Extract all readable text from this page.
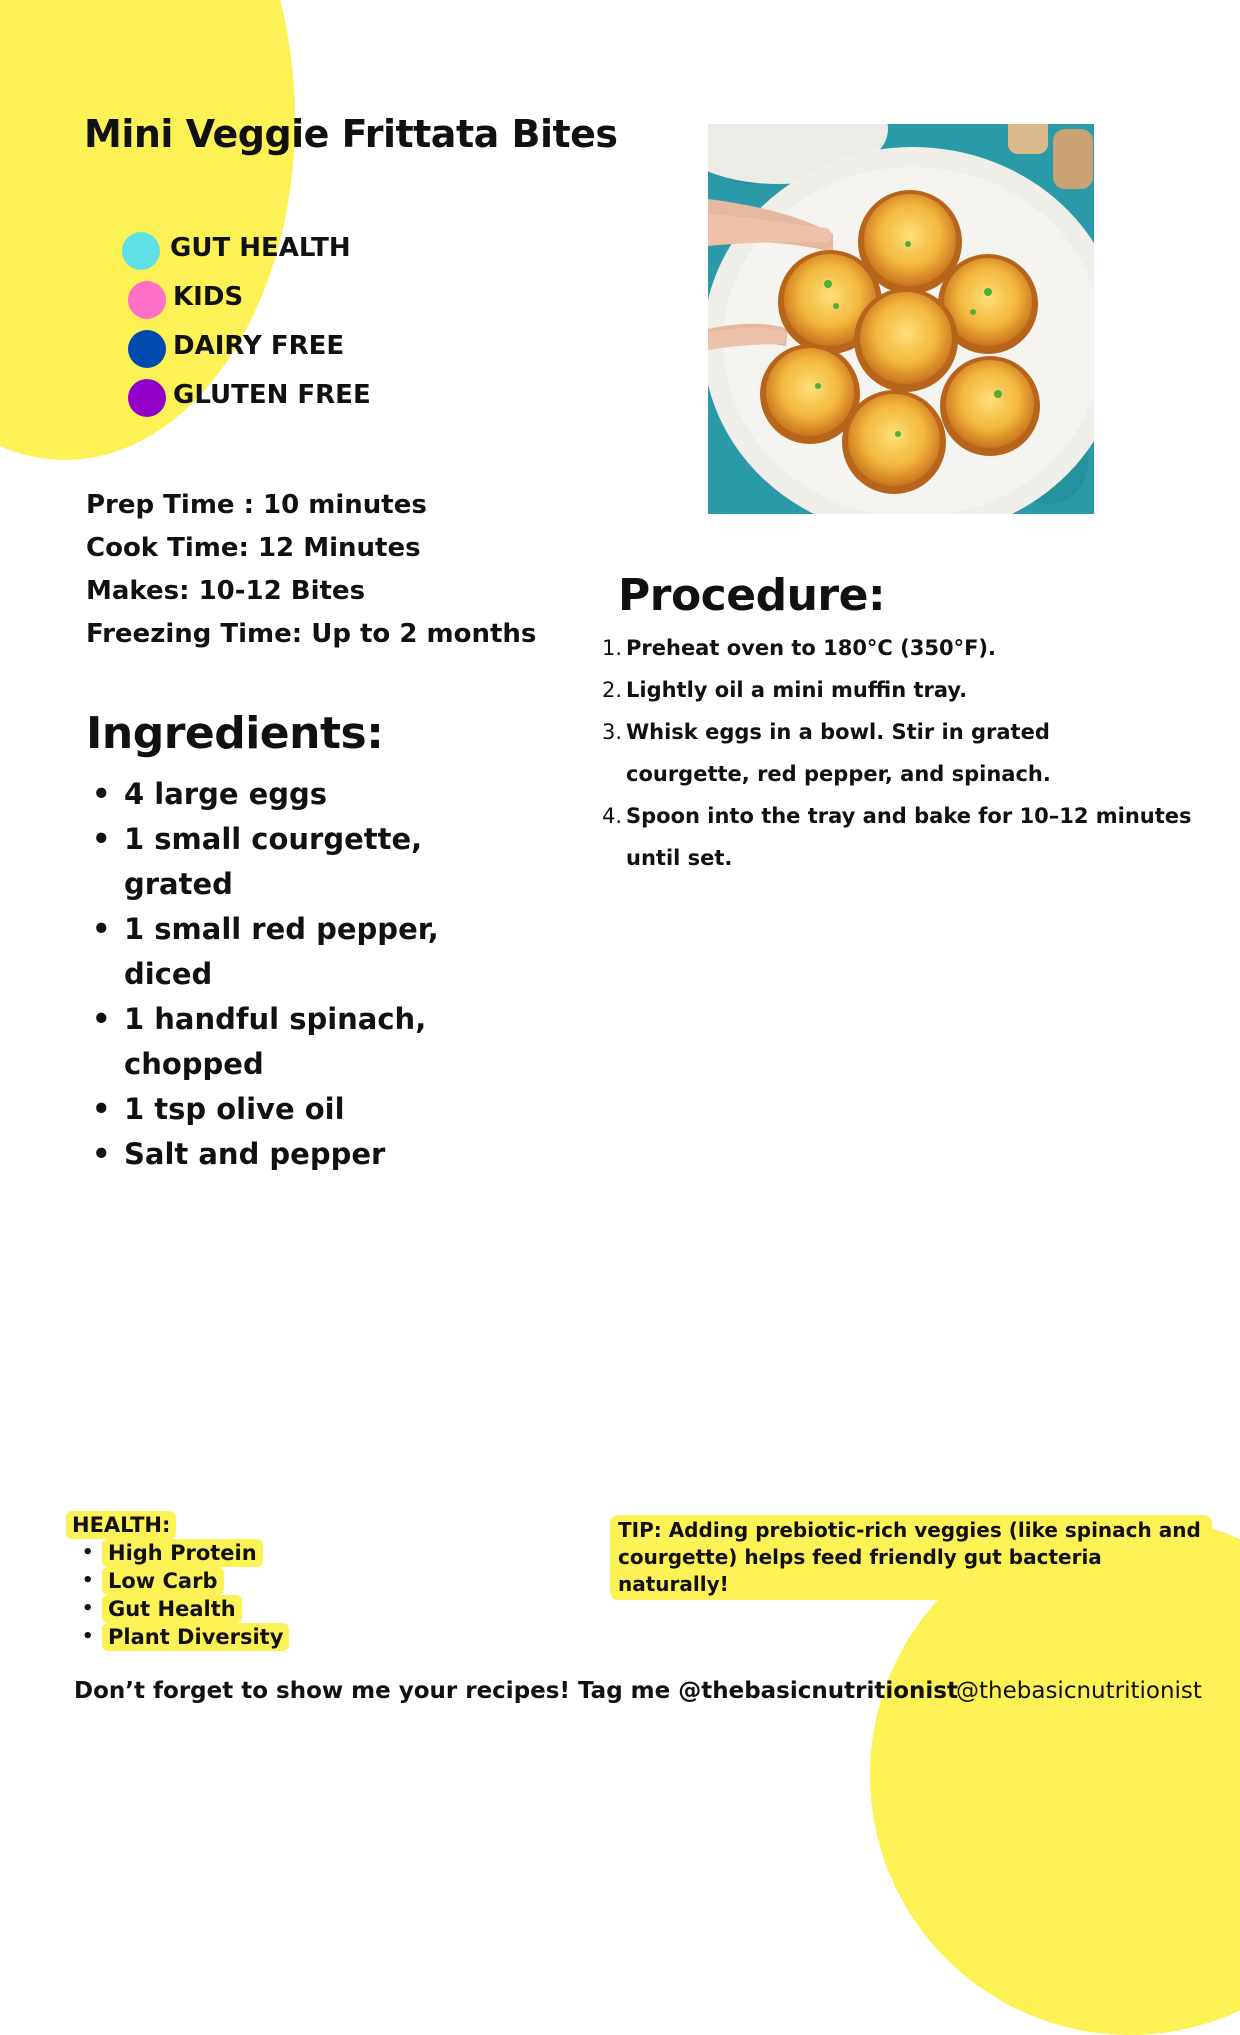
Mini Veggie Frittata Bites
GUT HEALTH
KIDS
DAIRY FREE
GLUTEN FREE
Prep Time : 10 minutes
Cook Time: 12 Minutes
Makes: 10-12 Bites
Freezing Time: Up to 2 months
Ingredients:
• 4 large eggs
• 1 small courgette, grated
• 1 small red pepper, diced
• 1 handful spinach, chopped
• 1 tsp olive oil
• Salt and pepper
Procedure:
1. Preheat oven to 180°C (350°F).
2. Lightly oil a mini muffin tray.
3. Whisk eggs in a bowl. Stir in grated courgette, red pepper, and spinach.
4. Spoon into the tray and bake for 10–12 minutes until set.
HEALTH:
• High Protein
• Low Carb
• Gut Health
• Plant Diversity
TIP: Adding prebiotic-rich veggies (like spinach and courgette) helps feed friendly gut bacteria naturally!
Don’t forget to show me your recipes! Tag me @thebasicnutritionist
@thebasicnutritionist
